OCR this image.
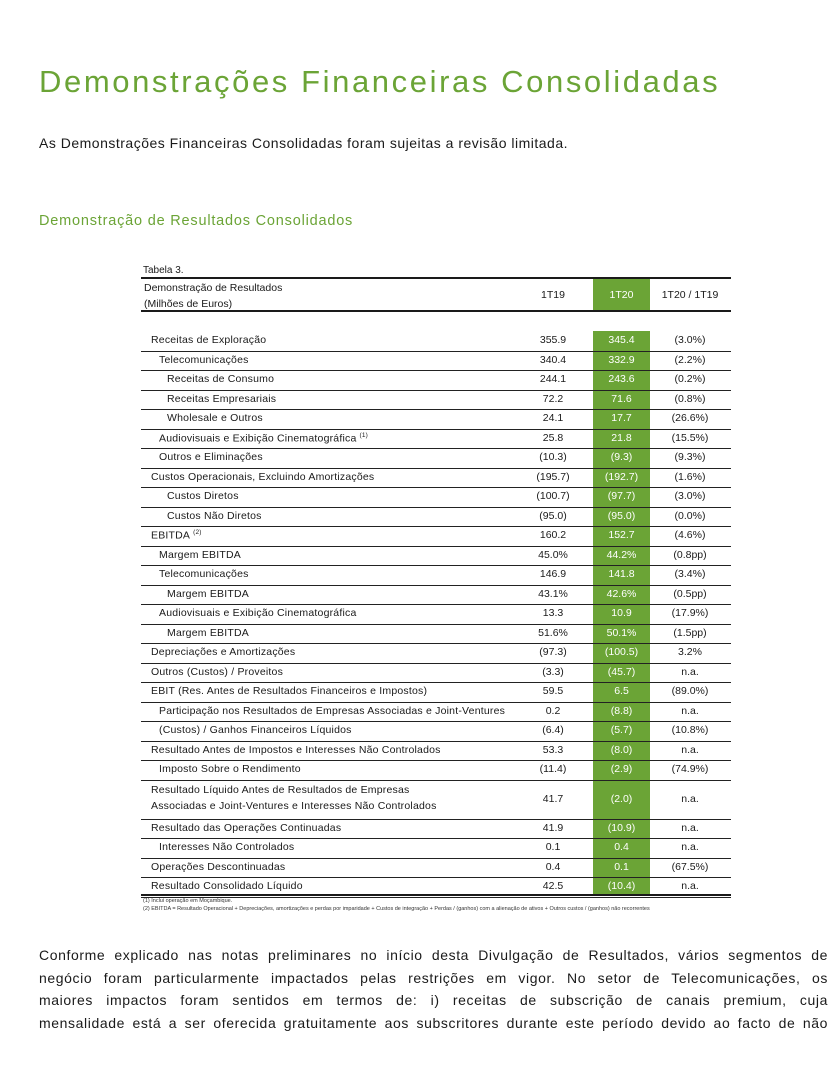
Demonstrações Financeiras Consolidadas
As Demonstrações Financeiras Consolidadas foram sujeitas a revisão limitada.
Demonstração de Resultados Consolidados
Tabela 3.
Demonstração de Resultados
(Milhões de Euros)
1T19	1T20	1T20 / 1T19
Receitas de Exploração	355.9	345.4	(3.0%)
Telecomunicações	340.4	332.9	(2.2%)
Receitas de Consumo	244.1	243.6	(0.2%)
Receitas Empresariais	72.2	71.6	(0.8%)
Wholesale e Outros	24.1	17.7	(26.6%)
Audiovisuais e Exibição Cinematográfica $^{(1)}$	25.8	21.8	(15.5%)
Outros e Eliminações	(10.3)	(9.3)	(9.3%)
Custos Operacionais, Excluindo Amortizações	(195.7)	(192.7)	(1.6%)
Custos Diretos	(100.7)	(97.7)	(3.0%)
Custos Não Diretos	(95.0)	(95.0)	(0.0%)
EBITDA $^{(2)}$	160.2	152.7	(4.6%)
Margem EBITDA	45.0%	44.2%	(0.8pp)
Telecomunicações	146.9	141.8	(3.4%)
Margem EBITDA	43.1%	42.6%	(0.5pp)
Audiovisuais e Exibição Cinematográfica	13.3	10.9	(17.9%)
Margem EBITDA	51.6%	50.1%	(1.5pp)
Depreciações e Amortizações	(97.3)	(100.5)	3.2%
Outros (Custos) / Proveitos	(3.3)	(45.7)	n.a.
EBIT (Res. Antes de Resultados Financeiros e Impostos)	59.5	6.5	(89.0%)
Participação nos Resultados de Empresas Associadas e Joint-Ventures	0.2	(8.8)	n.a.
(Custos) / Ganhos Financeiros Líquidos	(6.4)	(5.7)	(10.8%)
Resultado Antes de Impostos e Interesses Não Controlados	53.3	(8.0)	n.a.
Imposto Sobre o Rendimento	(11.4)	(2.9)	(74.9%)
Resultado Líquido Antes de Resultados de Empresas
Associadas e Joint-Ventures e Interesses Não Controlados
41.7	(2.0)	n.a.
Resultado das Operações Continuadas	41.9	(10.9)	n.a.
Interesses Não Controlados	0.1	0.4	n.a.
Operações Descontinuadas	0.4	0.1	(67.5%)
Resultado Consolidado Líquido	42.5	(10.4)	n.a.
(1) Inclui operação em Moçambique.
(2) EBITDA = Resultado Operacional + Depreciações, amortizações e perdas por imparidade + Custos de integração + Perdas / (ganhos) com a alienação de ativos + Outros custos / (ganhos) não recorrentes
Conforme explicado nas notas preliminares no início desta Divulgação de Resultados, vários segmentos de
negócio foram particularmente impactados pelas restrições em vigor. No setor de Telecomunicações, os
maiores impactos foram sentidos em termos de: i) receitas de subscrição de canais premium, cuja
mensalidade está a ser oferecida gratuitamente aos subscritores durante este período devido ao facto de não
